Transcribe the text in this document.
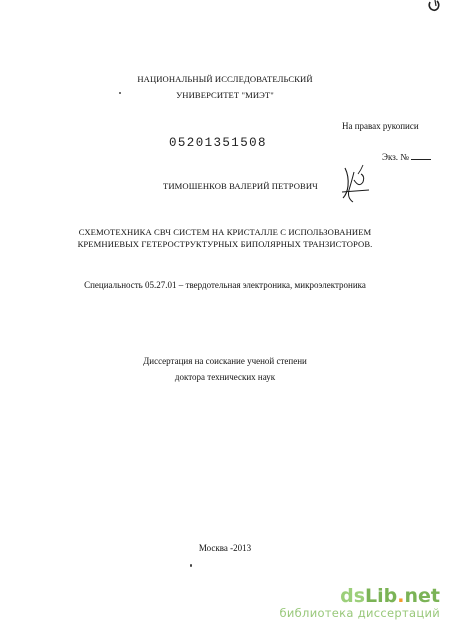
НАЦИОНАЛЬНЫЙ ИССЛЕДОВАТЕЛЬСКИЙ
УНИВЕРСИТЕТ "МИЭТ"
На правах рукописи
05201351508
Экз. №
ТИМОШЕНКОВ ВАЛЕРИЙ ПЕТРОВИЧ
СХЕМОТЕХНИКА СВЧ СИСТЕМ НА КРИСТАЛЛЕ С ИСПОЛЬЗОВАНИЕМ
КРЕМНИЕВЫХ ГЕТЕРОСТРУКТУРНЫХ БИПОЛЯРНЫХ ТРАНЗИСТОРОВ.
Специальность 05.27.01 – твердотельная электроника, микроэлектроника
Диссертация на соискание ученой степени
доктора технических наук
Москва -2013
dsLib.net
библиотека диссертаций
